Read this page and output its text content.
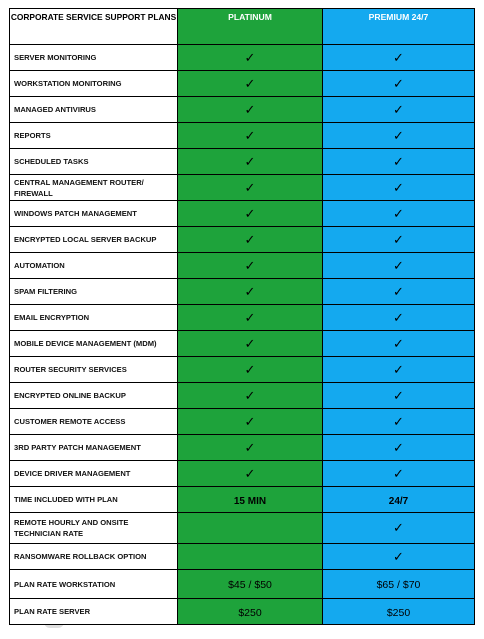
CORPORATE SERVICE SUPPORT PLANS	PLATINUM	PREMIUM 24/7
SERVER MONITORING	✓	✓
WORKSTATION MONITORING	✓	✓
MANAGED ANTIVIRUS	✓	✓
REPORTS	✓	✓
SCHEDULED TASKS	✓	✓
CENTRAL MANAGEMENT ROUTER/ FIREWALL	✓	✓
WINDOWS PATCH MANAGEMENT	✓	✓
ENCRYPTED LOCAL SERVER BACKUP	✓	✓
AUTOMATION	✓	✓
SPAM FILTERING	✓	✓
EMAIL ENCRYPTION	✓	✓
MOBILE DEVICE MANAGEMENT (MDM)	✓	✓
ROUTER SECURITY SERVICES	✓	✓
ENCRYPTED ONLINE BACKUP	✓	✓
CUSTOMER REMOTE ACCESS	✓	✓
3RD PARTY PATCH MANAGEMENT	✓	✓
DEVICE DRIVER MANAGEMENT	✓	✓
TIME INCLUDED WITH PLAN	15 MIN	24/7
REMOTE HOURLY AND ONSITE TECHNICIAN RATE		✓
RANSOMWARE ROLLBACK OPTION		✓
PLAN RATE WORKSTATION	$45 / $50	$65 / $70
PLAN RATE SERVER	$250	$250
